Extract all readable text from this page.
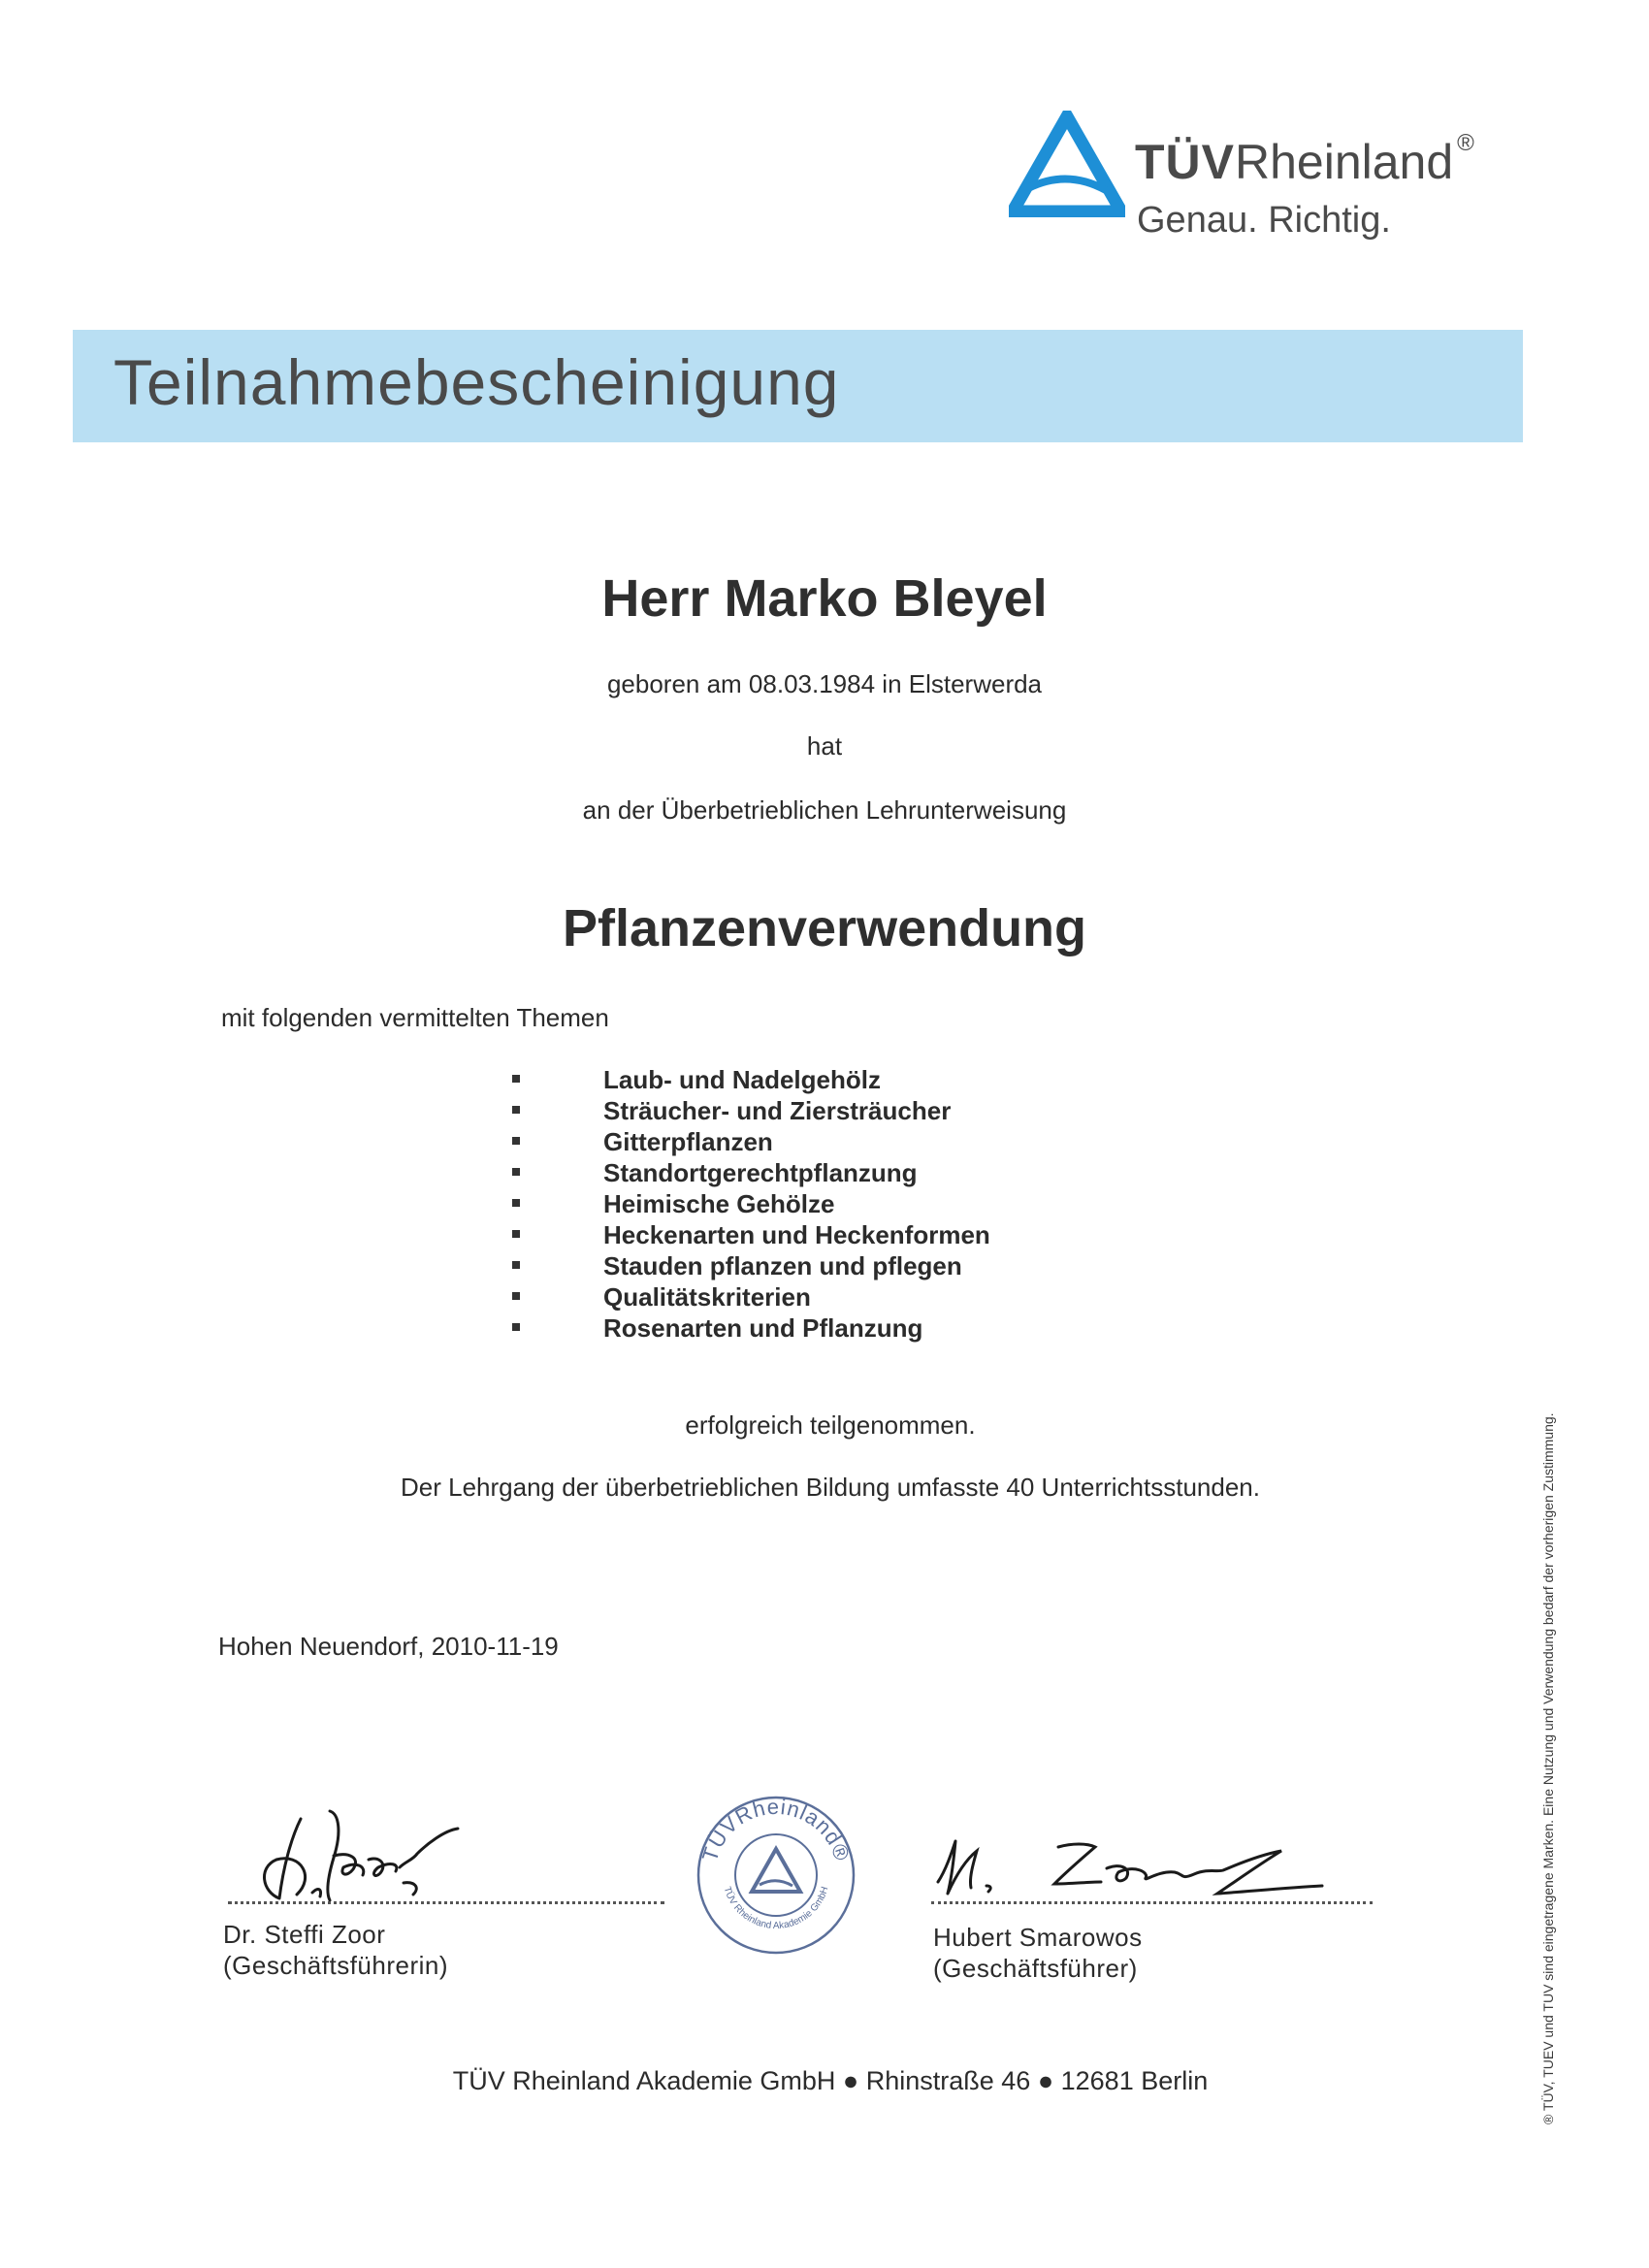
TÜVRheinland ®
Genau. Richtig.
Teilnahmebescheinigung
Herr Marko Bleyel
geboren am 08.03.1984 in Elsterwerda
hat
an der Überbetrieblichen Lehrunterweisung
Pflanzenverwendung
mit folgenden vermittelten Themen
Laub- und Nadelgehölz
Sträucher- und Ziersträucher
Gitterpflanzen
Standortgerechtpflanzung
Heimische Gehölze
Heckenarten und Heckenformen
Stauden pflanzen und pflegen
Qualitätskriterien
Rosenarten und Pflanzung
erfolgreich teilgenommen.
Der Lehrgang der überbetrieblichen Bildung umfasste 40 Unterrichtsstunden.
Hohen Neuendorf, 2010-11-19
Dr. Steffi Zoor
(Geschäftsführerin)
TÜVRheinland®
TÜV Rheinland Akademie GmbH
Hubert Smarowos
(Geschäftsführer)
TÜV Rheinland Akademie GmbH ● Rhinstraße 46 ● 12681 Berlin	® TÜV, TUEV und TUV sind eingetragene Marken. Eine Nutzung und Verwendung bedarf der vorherigen Zustimmung.
